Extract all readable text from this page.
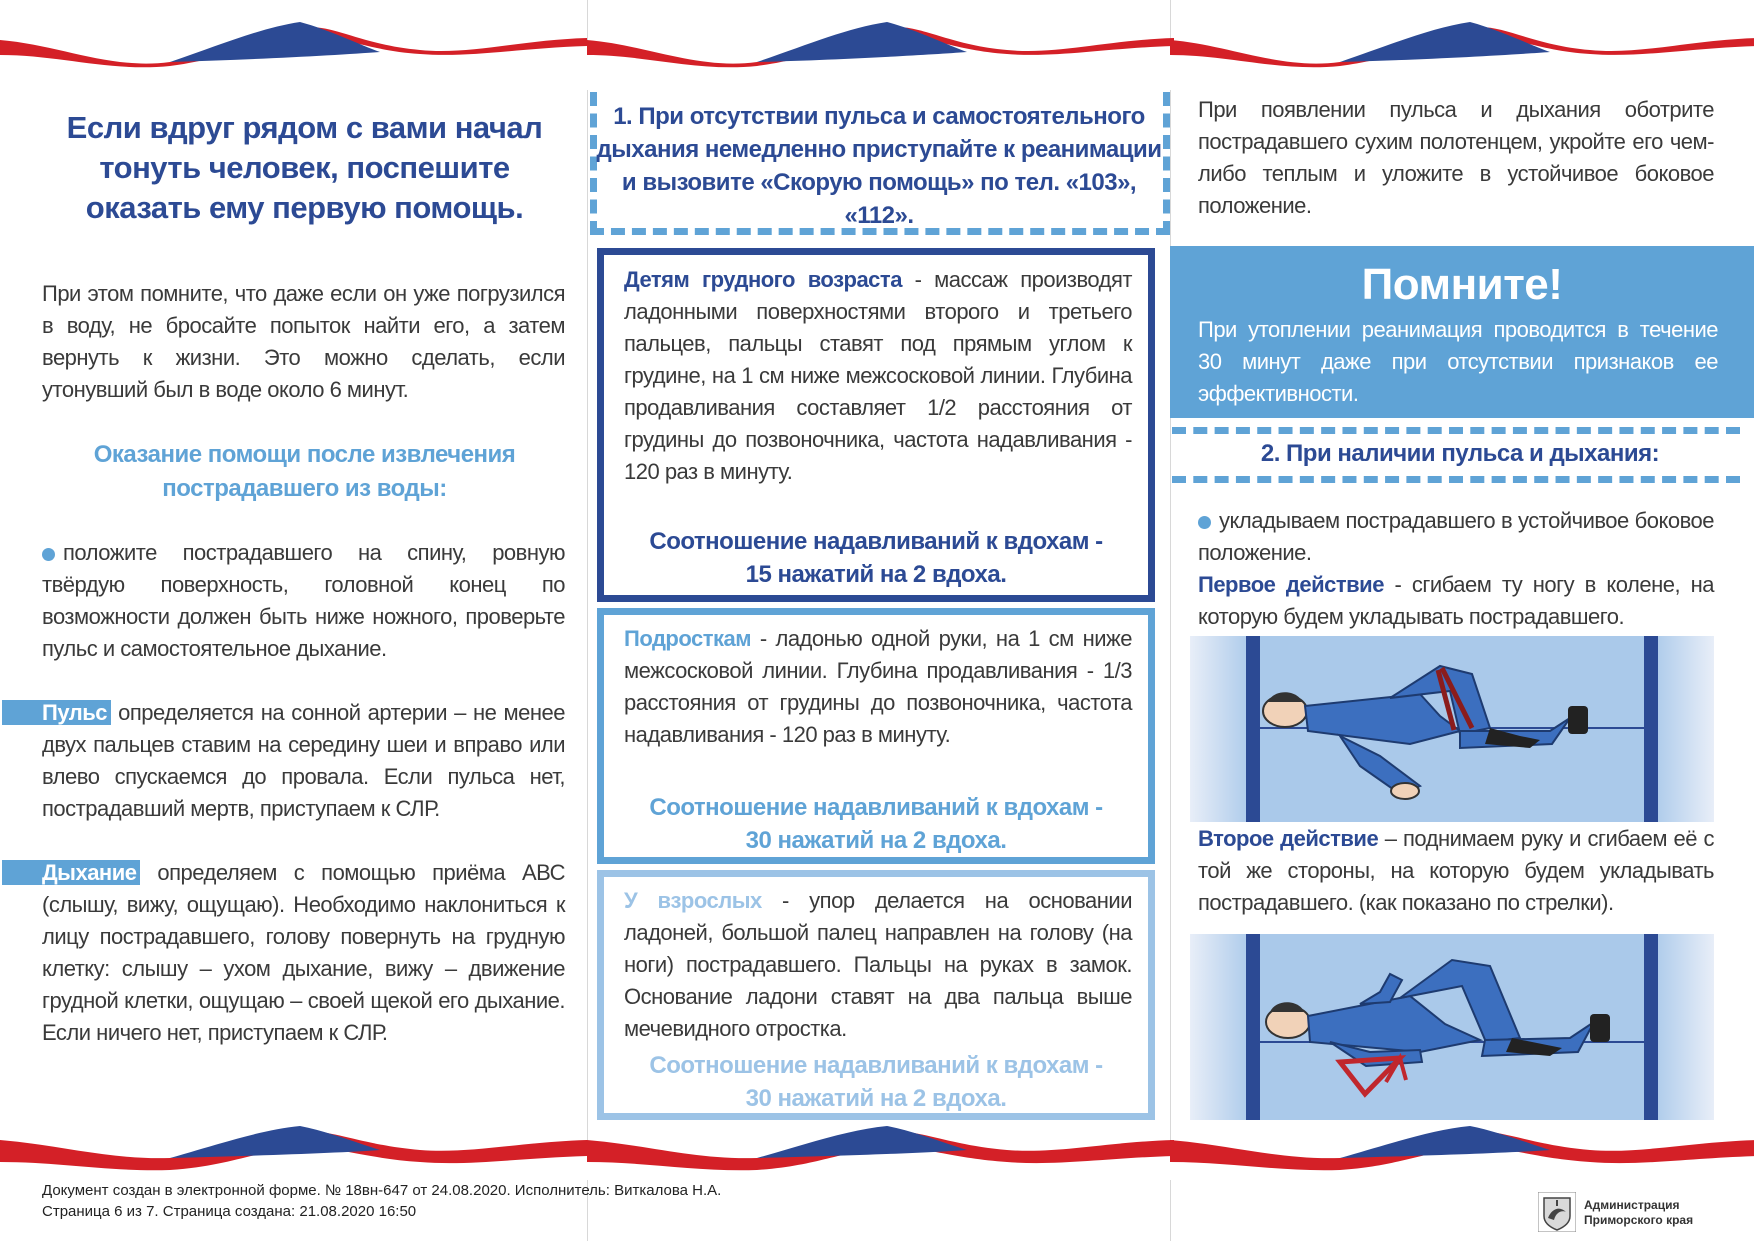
Если вдруг рядом с вами начал тонуть человек, поспешите оказать ему первую помощь.
При этом помните, что даже если он уже погрузился в воду, не бросайте попыток найти его, а затем вернуть к жизни. Это можно сделать, если утонувший был в воде около 6 минут.
Оказание помощи после извлечения пострадавшего из воды:
положите пострадавшего на спину, ровную твёрдую поверхность, головной конец по возможности должен быть ниже ножного, проверьте пульс и самостоятельное дыхание.
Пульс определяется на сонной артерии – не менее двух пальцев ставим на середину шеи и вправо или влево спускаемся до провала. Если пульса нет, пострадавший мертв, приступаем к СЛР.
Дыхание определяем с помощью приёма АВС (слышу, вижу, ощущаю). Необходимо наклониться к лицу пострадавшего, голову повернуть на грудную клетку: слышу – ухом дыхание, вижу – движение грудной клетки, ощущаю – своей щекой его дыхание. Если ничего нет, приступаем к СЛР.
1. При отсутствии пульса и самостоятельного дыхания немедленно приступайте к реанимации и вызовите «Скорую помощь» по тел. «103», «112».
Детям грудного возраста - массаж производят ладонными поверхностями второго и третьего пальцев, пальцы ставят под прямым углом к грудине, на 1 см ниже межсосковой линии. Глубина продавливания составляет 1/2 расстояния от грудины до позвоночника, частота надавливания - 120 раз в минуту.
Соотношение надавливаний к вдохам -
15 нажатий на 2 вдоха.
Подросткам - ладонью одной руки, на 1 см ниже межсосковой линии. Глубина продавливания - 1/3 расстояния от грудины до позвоночника, частота надавливания - 120 раз в минуту.
Соотношение надавливаний к вдохам -
30 нажатий на 2 вдоха.
У взрослых - упор делается на основании ладоней, большой палец направлен на голову (на ноги) пострадавшего. Пальцы на руках в замок. Основание ладони ставят на два пальца выше мечевидного отростка.
Соотношение надавливаний к вдохам -
30 нажатий на 2 вдоха.
При появлении пульса и дыхания оботрите пострадавшего сухим полотенцем, укройте его чем-либо теплым и уложите в устойчивое боковое положение.
Помните!
При утоплении реанимация проводится в течение 30 минут даже при отсутствии признаков ее эффективности.
2. При наличии пульса и дыхания:
укладываем пострадавшего в устойчивое боковое положение.
Первое действие - сгибаем ту ногу в колене, на которую будем укладывать пострадавшего.
Второе действие – поднимаем руку и сгибаем её с той же стороны, на которую будем укладывать пострадавшего. (как показано по стрелки).
Документ создан в электронной форме. № 18вн-647 от 24.08.2020. Исполнитель: Виткалова Н.А.
Страница 6 из 7. Страница создана: 21.08.2020 16:50	Администрация
Приморского края
